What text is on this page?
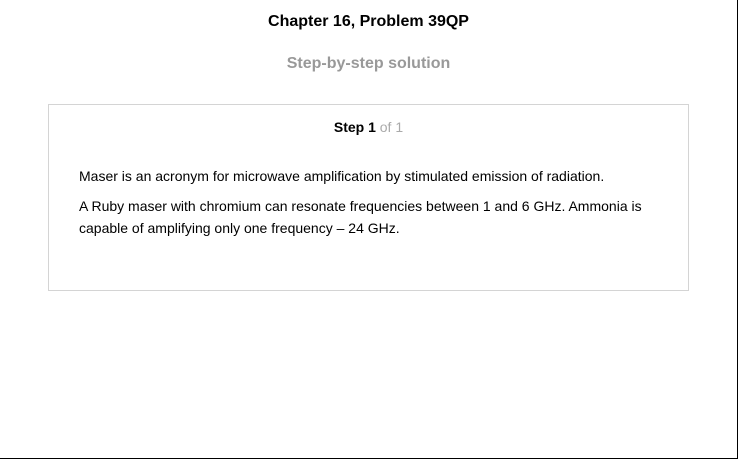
Chapter 16, Problem 39QP
Step-by-step solution
Step 1 of 1

Maser is an acronym for microwave amplification by stimulated emission of radiation.

A Ruby maser with chromium can resonate frequencies between 1 and 6 GHz. Ammonia is capable of amplifying only one frequency – 24 GHz.
